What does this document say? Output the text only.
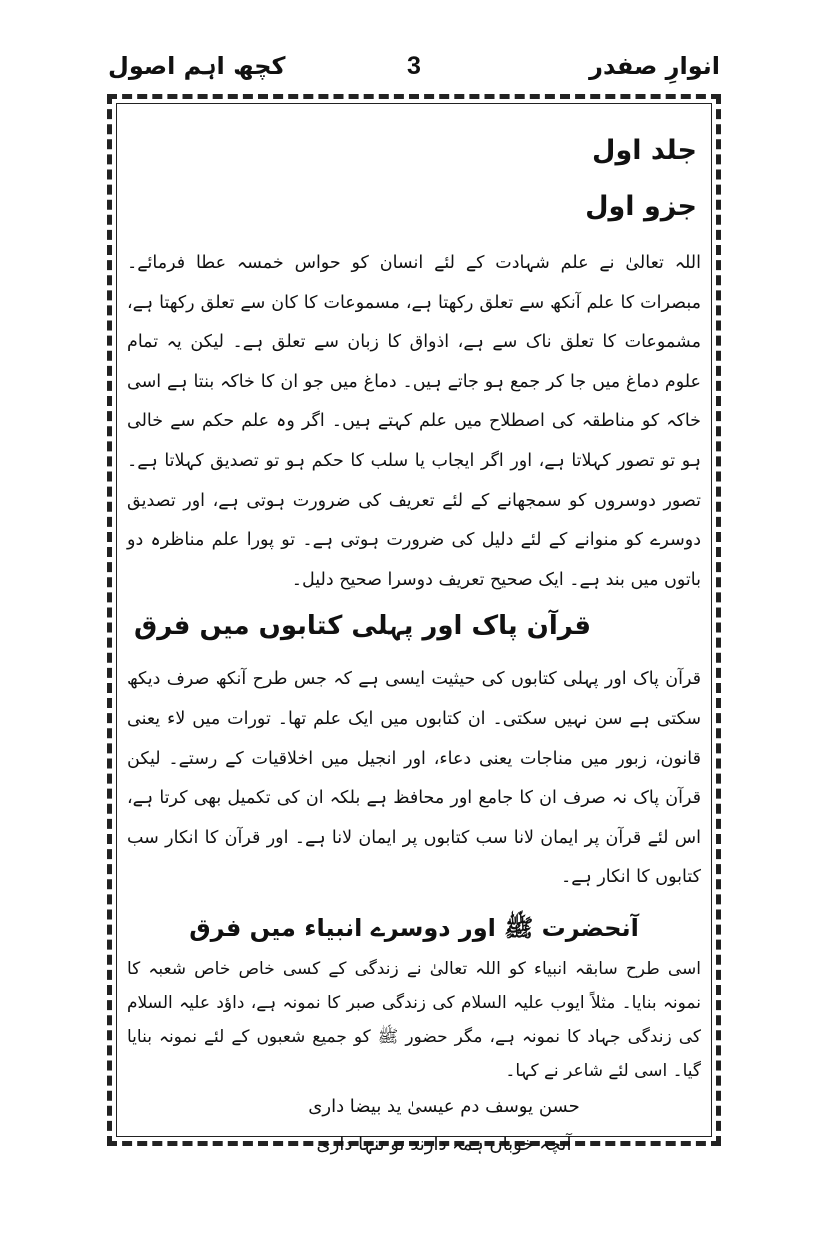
کچھ اہم اصول	3	انوارِ صفدر
جلد اول
جزو اول

اللہ تعالیٰ نے علم شہادت کے لئے انسان کو حواس خمسہ عطا فرمائے۔ مبصرات کا علم آنکھ سے تعلق رکھتا ہے، مسموعات کا کان سے تعلق رکھتا ہے، مشموعات کا تعلق ناک سے ہے، اذواق کا زبان سے تعلق ہے۔ لیکن یہ تمام علوم دماغ میں جا کر جمع ہو جاتے ہیں۔ دماغ میں جو ان کا خاکہ بنتا ہے اسی خاکہ کو مناطقہ کی اصطلاح میں علم کہتے ہیں۔ اگر وہ علم حکم سے خالی ہو تو تصور کہلاتا ہے، اور اگر ایجاب یا سلب کا حکم ہو تو تصدیق کہلاتا ہے۔ تصور دوسروں کو سمجھانے کے لئے تعریف کی ضرورت ہوتی ہے، اور تصدیق دوسرے کو منوانے کے لئے دلیل کی ضرورت ہوتی ہے۔ تو پورا علم مناظرہ دو باتوں میں بند ہے۔ ایک صحیح تعریف دوسرا صحیح دلیل۔

قرآن پاک اور پہلی کتابوں میں فرق

قرآن پاک اور پہلی کتابوں کی حیثیت ایسی ہے کہ جس طرح آنکھ صرف دیکھ سکتی ہے سن نہیں سکتی۔ ان کتابوں میں ایک علم تھا۔ تورات میں لاء یعنی قانون، زبور میں مناجات یعنی دعاء، اور انجیل میں اخلاقیات کے رستے۔ لیکن قرآن پاک نہ صرف ان کا جامع اور محافظ ہے بلکہ ان کی تکمیل بھی کرتا ہے، اس لئے قرآن پر ایمان لانا سب کتابوں پر ایمان لانا ہے۔ اور قرآن کا انکار سب کتابوں کا انکار ہے۔

آنحضرت ﷺ اور دوسرے انبیاء میں فرق

اسی طرح سابقہ انبیاء کو اللہ تعالیٰ نے زندگی کے کسی خاص خاص شعبہ کا نمونہ بنایا۔ مثلاً ایوب علیہ السلام کی زندگی صبر کا نمونہ ہے، داؤد علیہ السلام کی زندگی جہاد کا نمونہ ہے، مگر حضور ﷺ کو جمیع شعبوں کے لئے نمونہ بنایا گیا۔ اسی لئے شاعر نے کہا۔

حسن یوسف دم عیسیٰ ید بیضا داری

آنچہ خوباں ہمہ دارند تو تنہا داری
